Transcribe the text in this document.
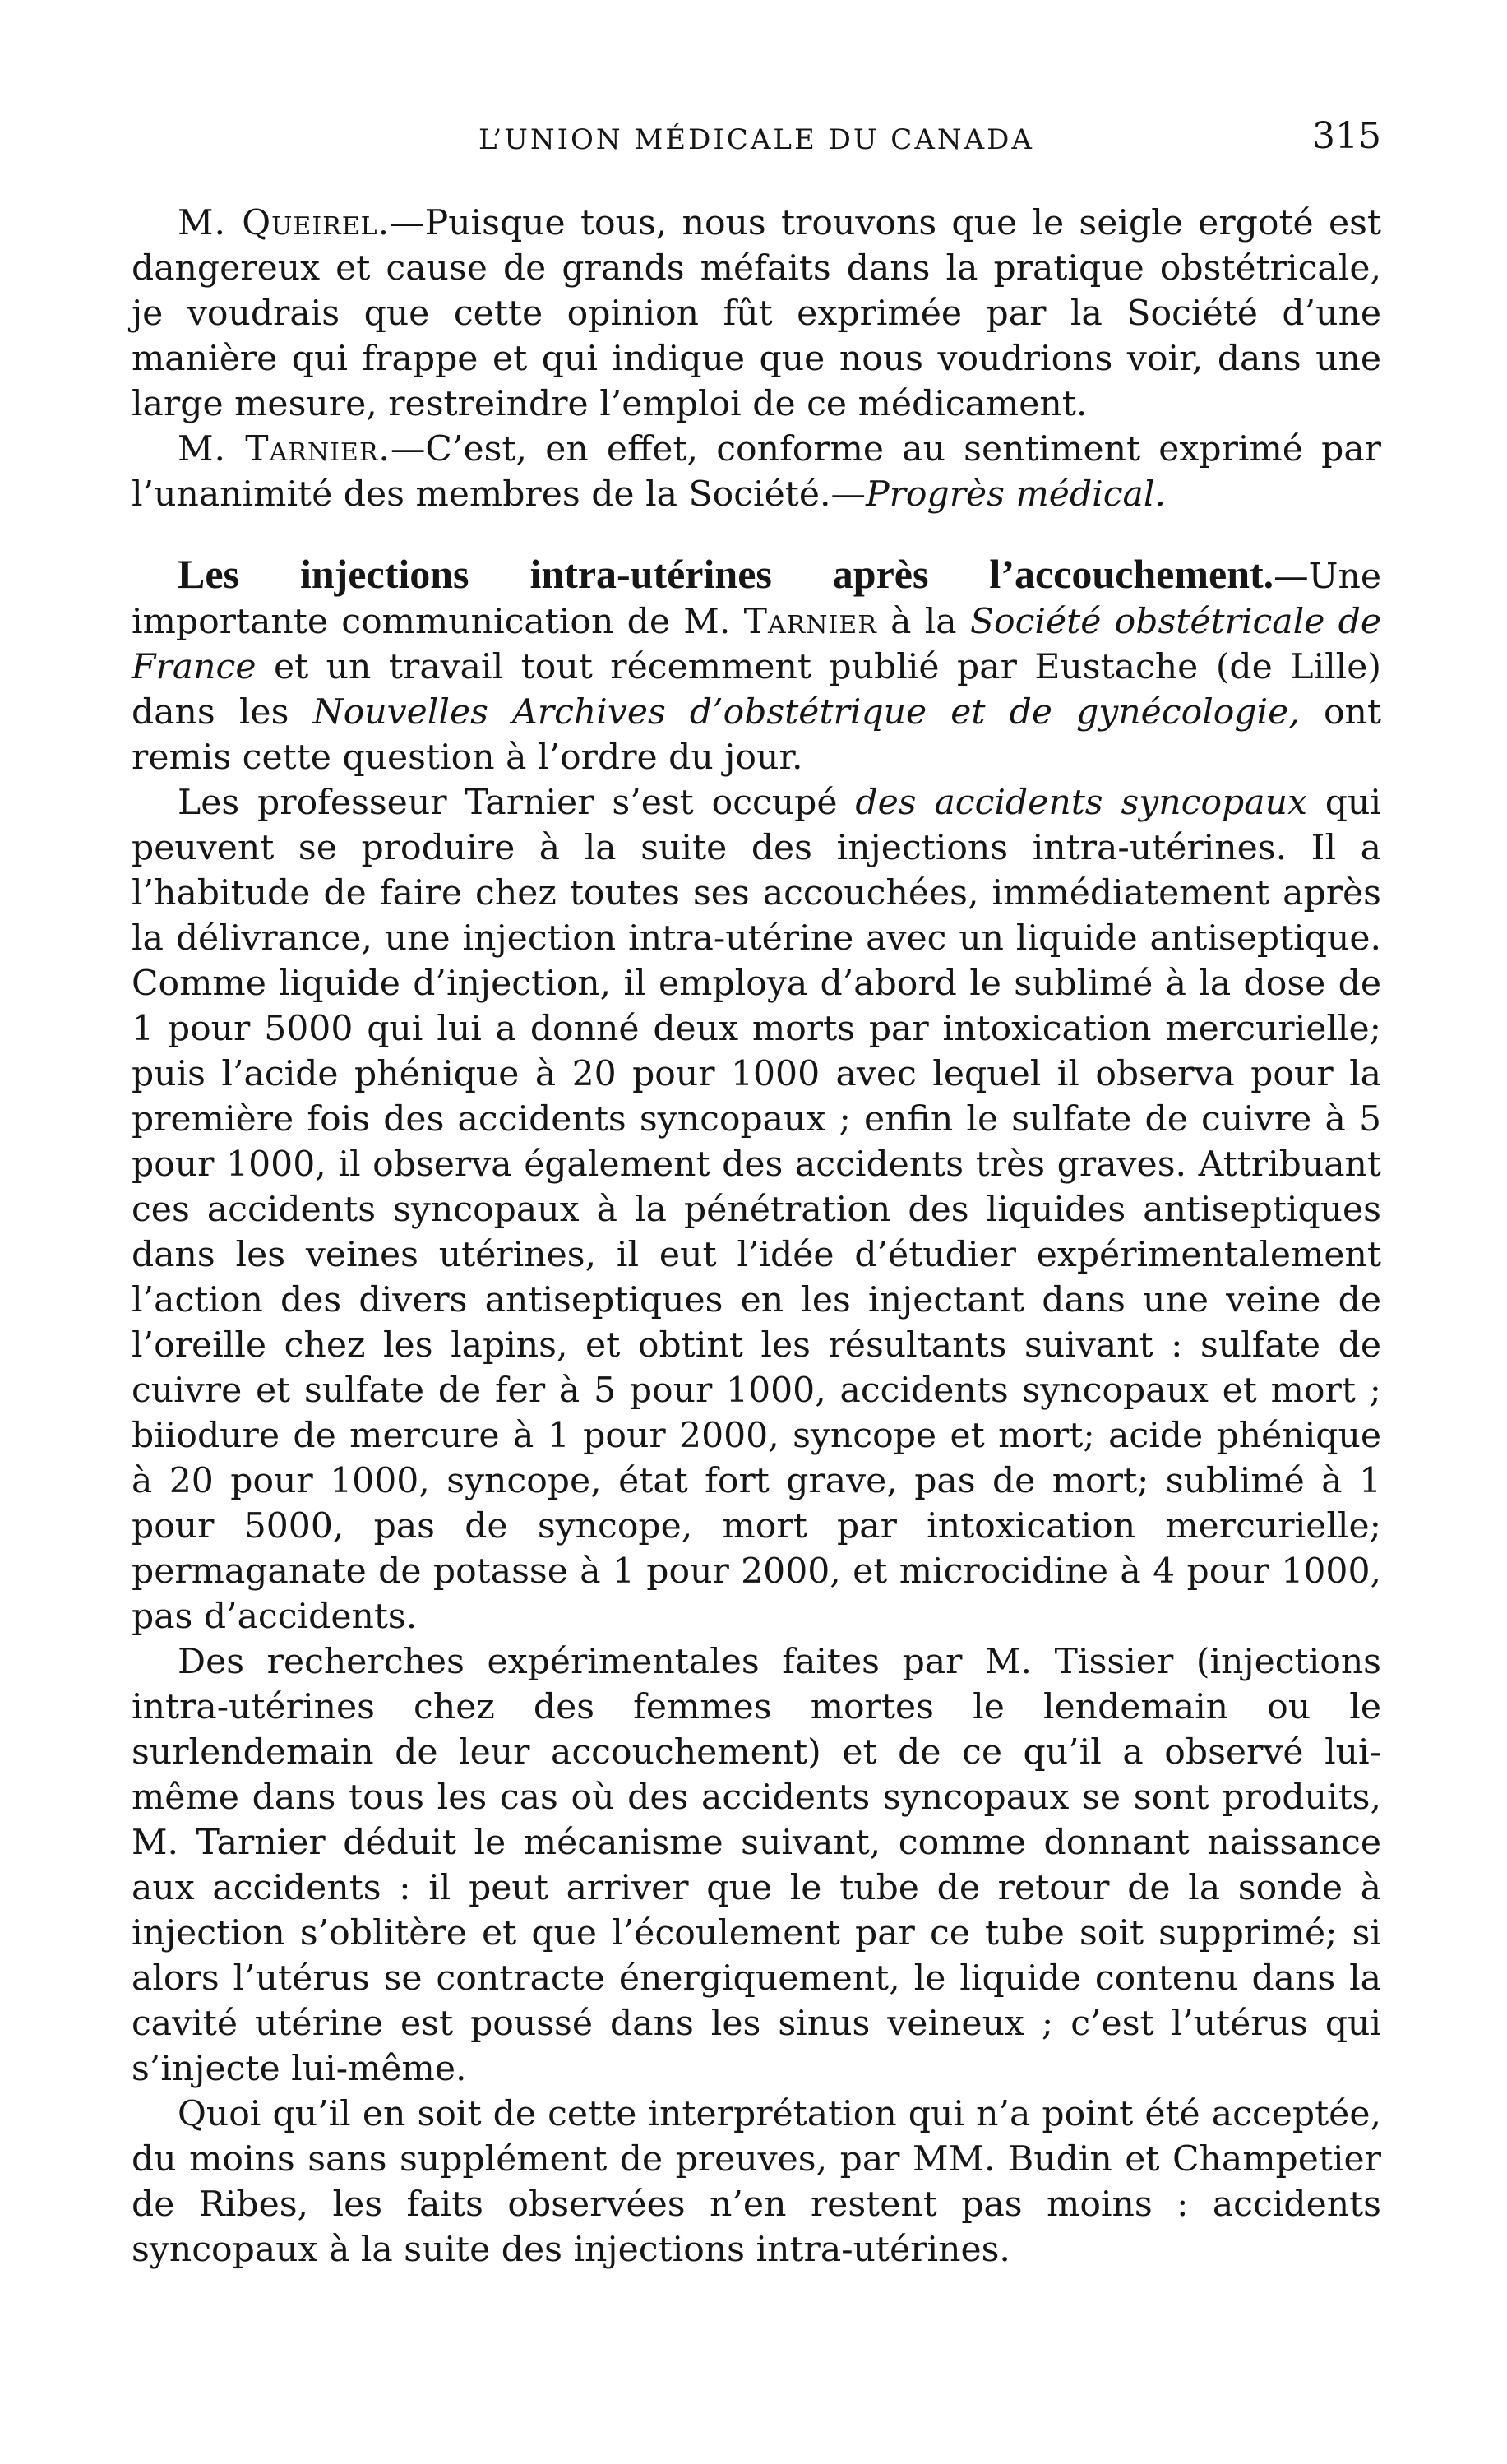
L’UNION MÉDICALE DU CANADA	315

M. Queirel.—Puisque tous, nous trouvons que le seigle ergoté est dangereux et cause de grands méfaits dans la pratique obstétricale, je voudrais que cette opinion fût exprimée par la Société d’une manière qui frappe et qui indique que nous voudrions voir, dans une large mesure, restreindre l’emploi de ce médicament.

M. Tarnier.—C’est, en effet, conforme au sentiment exprimé par l’unanimité des membres de la Société.—Progrès médical.

Les injections intra-utérines après l’accouchement.—Une importante communication de M. Tarnier à la Société obstétricale de France et un travail tout récemment publié par Eustache (de Lille) dans les Nouvelles Archives d’obstétrique et de gynécologie, ont remis cette question à l’ordre du jour.

Les professeur Tarnier s’est occupé des accidents syncopaux qui peuvent se produire à la suite des injections intra-utérines. Il a l’habitude de faire chez toutes ses accouchées, immédiatement après la délivrance, une injection intra-utérine avec un liquide antiseptique. Comme liquide d’injection, il employa d’abord le sublimé à la dose de 1 pour 5000 qui lui a donné deux morts par intoxication mercurielle; puis l’acide phénique à 20 pour 1000 avec lequel il observa pour la première fois des accidents syncopaux ; enfin le sulfate de cuivre à 5 pour 1000, il observa également des accidents très graves. Attribuant ces accidents syncopaux à la pénétration des liquides antiseptiques dans les veines utérines, il eut l’idée d’étudier expérimentalement l’action des divers antiseptiques en les injectant dans une veine de l’oreille chez les lapins, et obtint les résultants suivant : sulfate de cuivre et sulfate de fer à 5 pour 1000, accidents syncopaux et mort ; biiodure de mercure à 1 pour 2000, syncope et mort; acide phénique à 20 pour 1000, syncope, état fort grave, pas de mort; sublimé à 1 pour 5000, pas de syncope, mort par intoxication mercurielle; permaganate de potasse à 1 pour 2000, et microcidine à 4 pour 1000, pas d’accidents.

Des recherches expérimentales faites par M. Tissier (injections intra-utérines chez des femmes mortes le lendemain ou le surlendemain de leur accouchement) et de ce qu’il a observé lui-même dans tous les cas où des accidents syncopaux se sont produits, M. Tarnier déduit le mécanisme suivant, comme donnant naissance aux accidents : il peut arriver que le tube de retour de la sonde à injection s’oblitère et que l’écoulement par ce tube soit supprimé; si alors l’utérus se contracte énergiquement, le liquide contenu dans la cavité utérine est poussé dans les sinus veineux ; c’est l’utérus qui s’injecte lui-même.

Quoi qu’il en soit de cette interprétation qui n’a point été acceptée, du moins sans supplément de preuves, par MM. Budin et Champetier de Ribes, les faits observées n’en restent pas moins : accidents syncopaux à la suite des injections intra-utérines.
